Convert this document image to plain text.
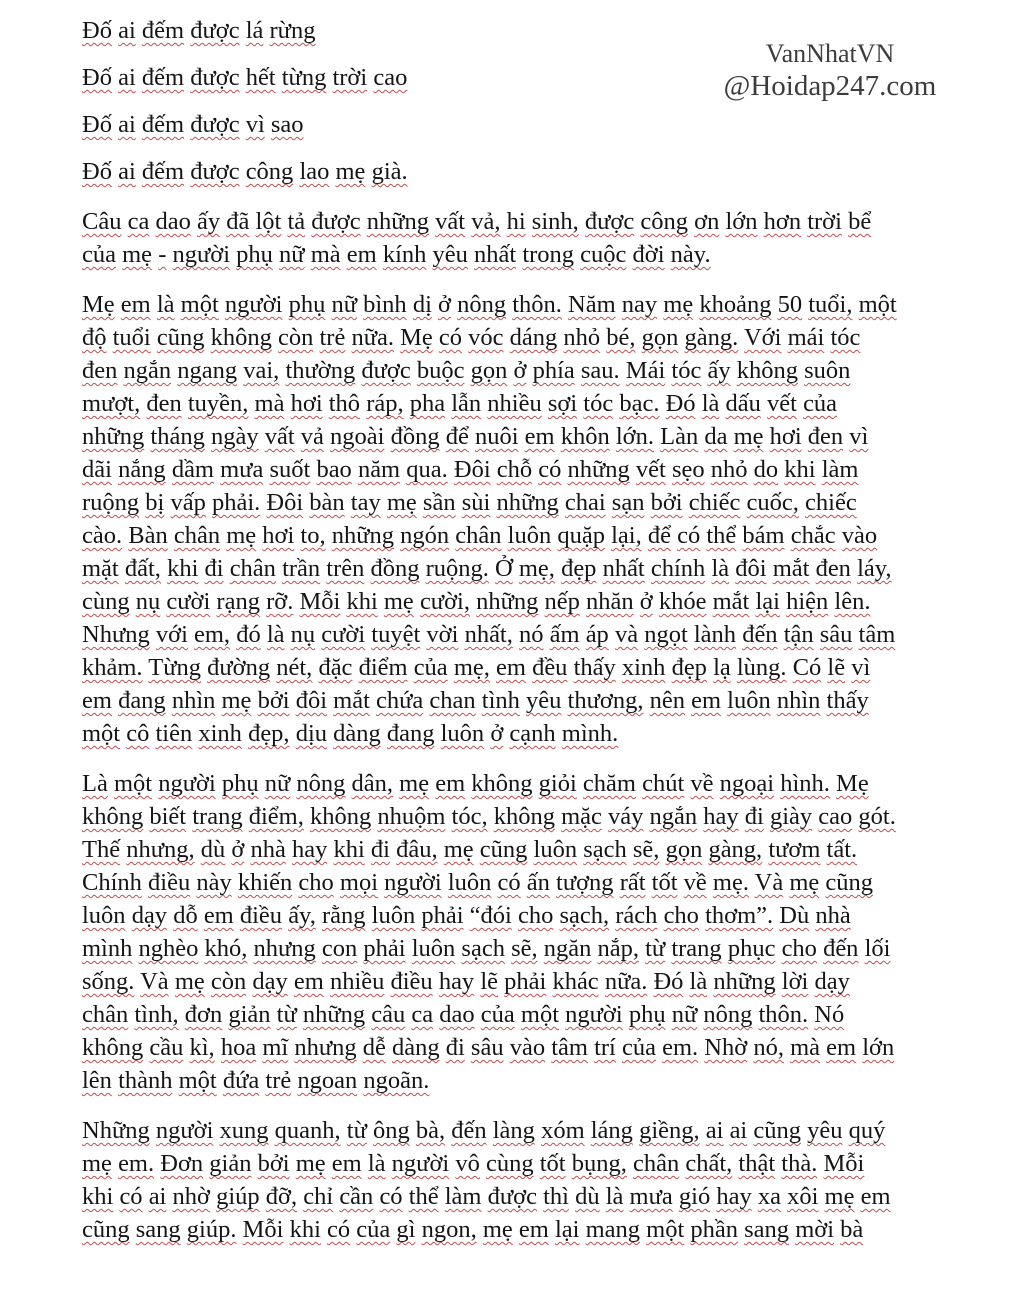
VanNhatVN
@Hoidap247.com
Đố ai đếm được lá rừng
Đố ai đếm được hết từng trời cao
Đố ai đếm được vì sao
Đố ai đếm được công lao mẹ già.
Câu ca dao ấy đã lột tả được những vất vả, hi sinh, được công ơn lớn hơn trời bể
của mẹ - người phụ nữ mà em kính yêu nhất trong cuộc đời này.
Mẹ em là một người phụ nữ bình dị ở nông thôn. Năm nay mẹ khoảng 50 tuổi, một
độ tuổi cũng không còn trẻ nữa. Mẹ có vóc dáng nhỏ bé, gọn gàng. Với mái tóc
đen ngắn ngang vai, thường được buộc gọn ở phía sau. Mái tóc ấy không suôn
mượt, đen tuyền, mà hơi thô ráp, pha lẫn nhiều sợi tóc bạc. Đó là dấu vết của
những tháng ngày vất vả ngoài đồng để nuôi em khôn lớn. Làn da mẹ hơi đen vì
dãi nắng dầm mưa suốt bao năm qua. Đôi chỗ có những vết sẹo nhỏ do khi làm
ruộng bị vấp phải. Đôi bàn tay mẹ sần sùi những chai sạn bởi chiếc cuốc, chiếc
cào. Bàn chân mẹ hơi to, những ngón chân luôn quặp lại, để có thể bám chắc vào
mặt đất, khi đi chân trần trên đồng ruộng. Ở mẹ, đẹp nhất chính là đôi mắt đen láy,
cùng nụ cười rạng rỡ. Mỗi khi mẹ cười, những nếp nhăn ở khóe mắt lại hiện lên.
Nhưng với em, đó là nụ cười tuyệt vời nhất, nó ấm áp và ngọt lành đến tận sâu tâm
khảm. Từng đường nét, đặc điểm của mẹ, em đều thấy xinh đẹp lạ lùng. Có lẽ vì
em đang nhìn mẹ bởi đôi mắt chứa chan tình yêu thương, nên em luôn nhìn thấy
một cô tiên xinh đẹp, dịu dàng đang luôn ở cạnh mình.
Là một người phụ nữ nông dân, mẹ em không giỏi chăm chút về ngoại hình. Mẹ
không biết trang điểm, không nhuộm tóc, không mặc váy ngắn hay đi giày cao gót.
Thế nhưng, dù ở nhà hay khi đi đâu, mẹ cũng luôn sạch sẽ, gọn gàng, tươm tất.
Chính điều này khiến cho mọi người luôn có ấn tượng rất tốt về mẹ. Và mẹ cũng
luôn dạy dỗ em điều ấy, rằng luôn phải “đói cho sạch, rách cho thơm”. Dù nhà
mình nghèo khó, nhưng con phải luôn sạch sẽ, ngăn nắp, từ trang phục cho đến lối
sống. Và mẹ còn dạy em nhiều điều hay lẽ phải khác nữa. Đó là những lời dạy
chân tình, đơn giản từ những câu ca dao của một người phụ nữ nông thôn. Nó
không cầu kì, hoa mĩ nhưng dễ dàng đi sâu vào tâm trí của em. Nhờ nó, mà em lớn
lên thành một đứa trẻ ngoan ngoãn.
Những người xung quanh, từ ông bà, đến làng xóm láng giềng, ai ai cũng yêu quý
mẹ em. Đơn giản bởi mẹ em là người vô cùng tốt bụng, chân chất, thật thà. Mỗi
khi có ai nhờ giúp đỡ, chỉ cần có thể làm được thì dù là mưa gió hay xa xôi mẹ em
cũng sang giúp. Mỗi khi có của gì ngon, mẹ em lại mang một phần sang mời bà
